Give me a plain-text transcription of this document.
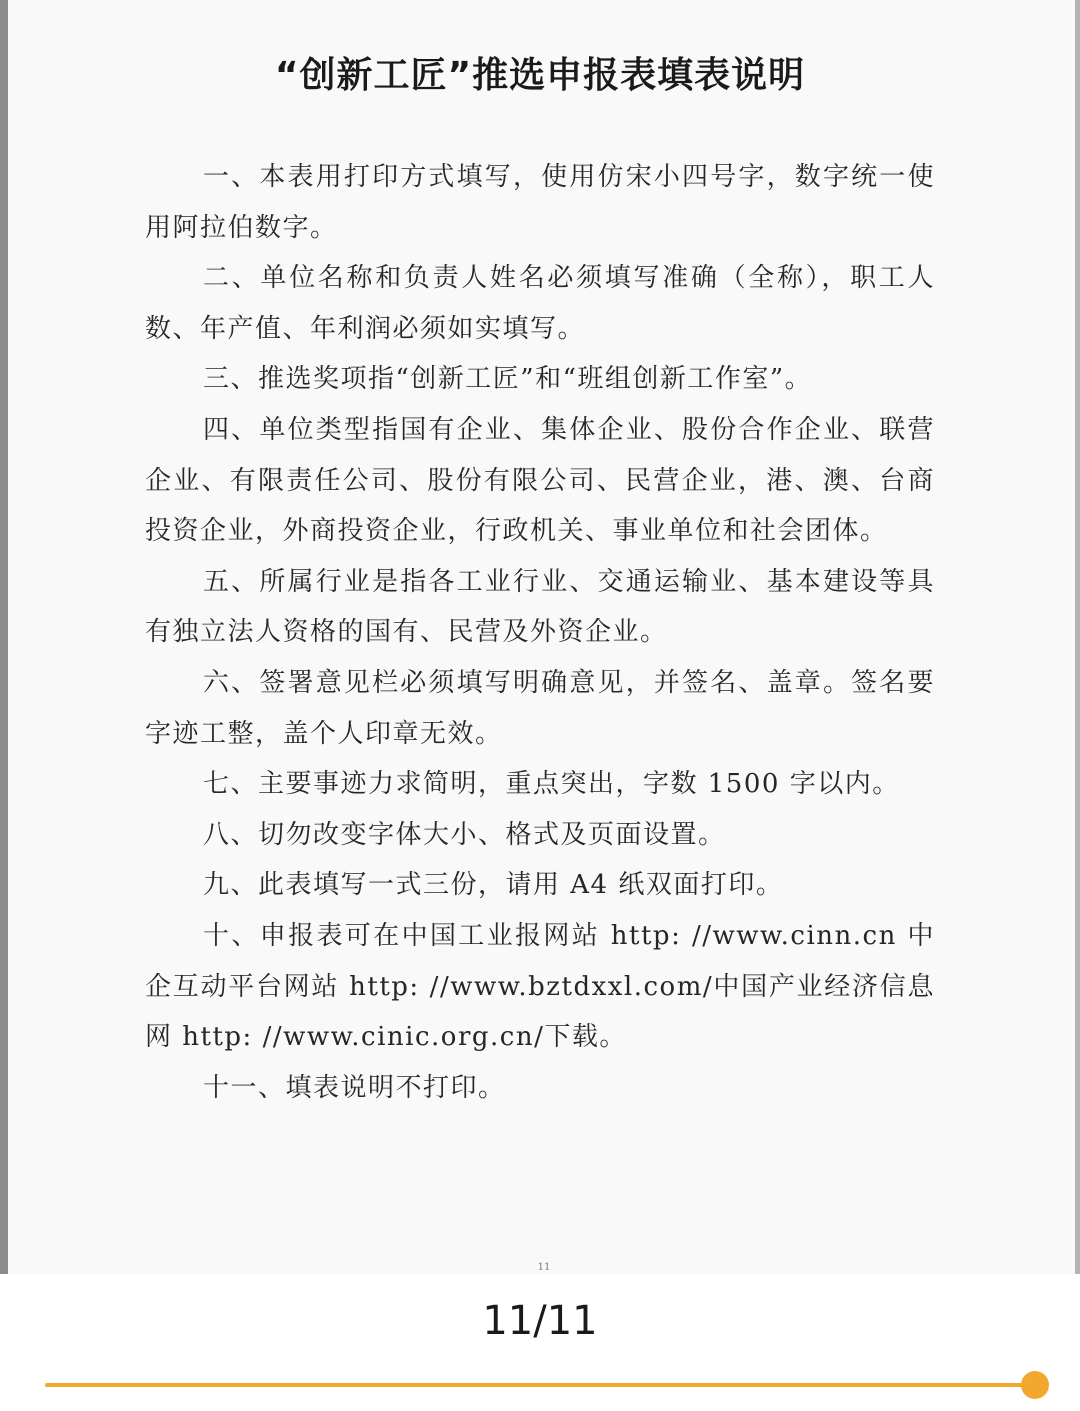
“创新工匠”推选申报表填表说明

一、本表用打印方式填写，使用仿宋小四号字，数字统一使用阿拉伯数字。

二、单位名称和负责人姓名必须填写准确（全称），职工人数、年产值、年利润必须如实填写。

三、推选奖项指“创新工匠”和“班组创新工作室”。

四、单位类型指国有企业、集体企业、股份合作企业、联营企业、有限责任公司、股份有限公司、民营企业，港、澳、台商投资企业，外商投资企业，行政机关、事业单位和社会团体。

五、所属行业是指各工业行业、交通运输业、基本建设等具有独立法人资格的国有、民营及外资企业。

六、签署意见栏必须填写明确意见，并签名、盖章。签名要字迹工整，盖个人印章无效。

七、主要事迹力求简明，重点突出，字数 1500 字以内。

八、切勿改变字体大小、格式及页面设置。

九、此表填写一式三份，请用 A4 纸双面打印。

十、申报表可在中国工业报网站 http: //www.cinn.cn 中企互动平台网站 http: //www.bztdxxl.com/中国产业经济信息网 http: //www.cinic.org.cn/下载。

十一、填表说明不打印。

11
11/11
